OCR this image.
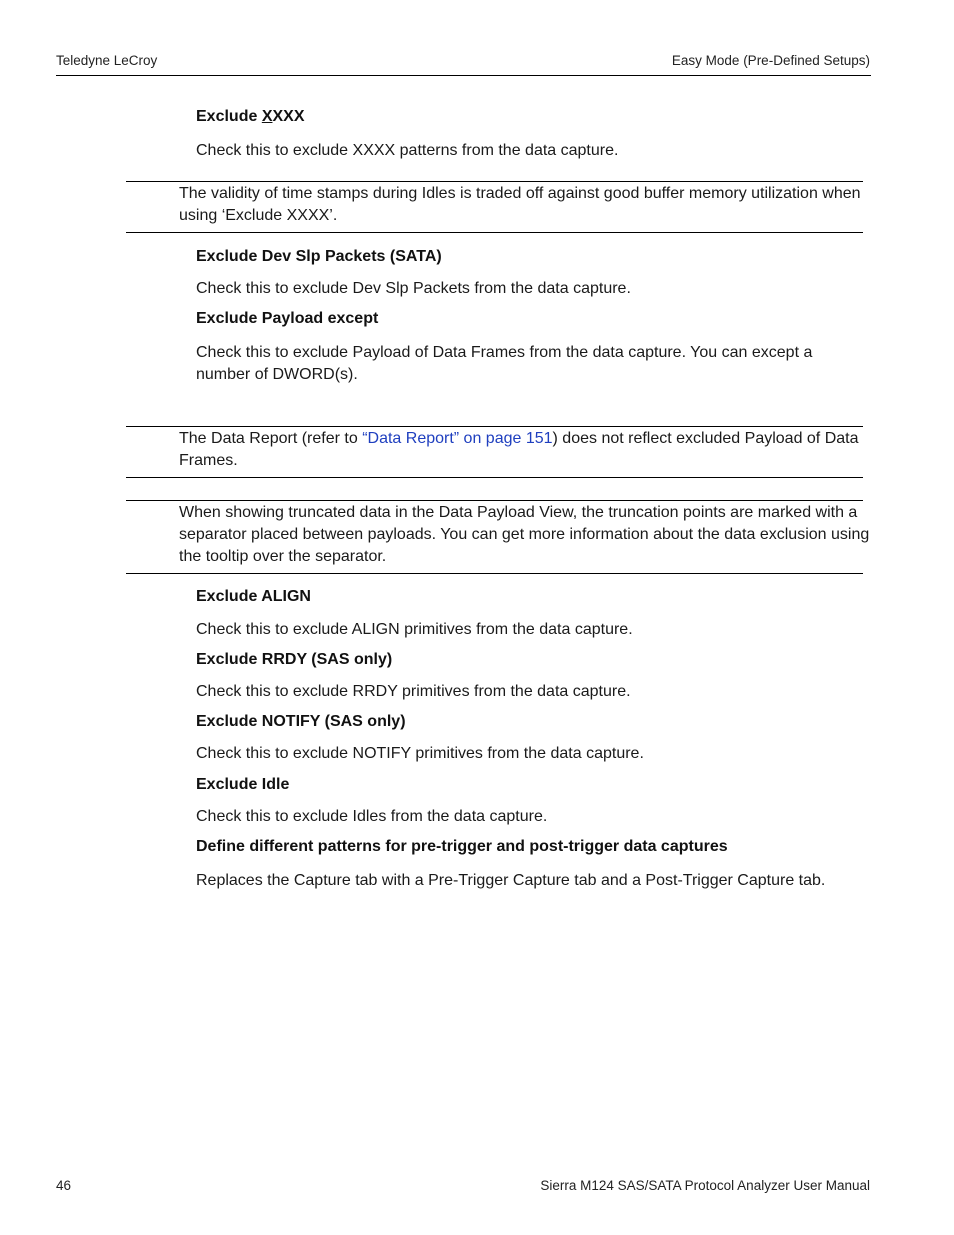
Teledyne LeCroy	Easy Mode (Pre-Defined Setups)
Exclude XXXX
Check this to exclude XXXX patterns from the data capture.
The validity of time stamps during Idles is traded off against good buffer memory utilization when using ‘Exclude XXXX’.
Exclude Dev Slp Packets (SATA)
Check this to exclude Dev Slp Packets from the data capture.
Exclude Payload except
Check this to exclude Payload of Data Frames from the data capture. You can except a number of DWORD(s).
The Data Report (refer to “Data Report” on page 151) does not reflect excluded Payload of Data Frames.
When showing truncated data in the Data Payload View, the truncation points are marked with a separator placed between payloads. You can get more information about the data exclusion using the tooltip over the separator.
Exclude ALIGN
Check this to exclude ALIGN primitives from the data capture.
Exclude RRDY (SAS only)
Check this to exclude RRDY primitives from the data capture.
Exclude NOTIFY (SAS only)
Check this to exclude NOTIFY primitives from the data capture.
Exclude Idle
Check this to exclude Idles from the data capture.
Define different patterns for pre-trigger and post-trigger data captures
Replaces the Capture tab with a Pre-Trigger Capture tab and a Post-Trigger Capture tab.
46	Sierra M124 SAS/SATA Protocol Analyzer User Manual
